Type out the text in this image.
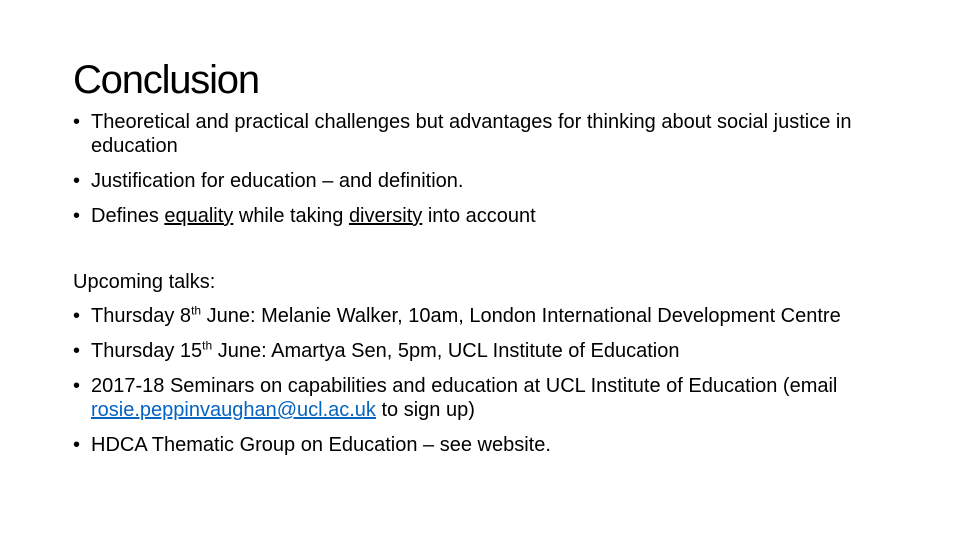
Conclusion
• Theoretical and practical challenges but advantages for thinking about social justice in education
• Justification for education – and definition.
• Defines equality while taking diversity into account
Upcoming talks:
• Thursday 8th June: Melanie Walker, 10am, London International Development Centre
• Thursday 15th June: Amartya Sen, 5pm, UCL Institute of Education
• 2017-18 Seminars on capabilities and education at UCL Institute of Education (email rosie.peppinvaughan@ucl.ac.uk to sign up)
• HDCA Thematic Group on Education – see website.
